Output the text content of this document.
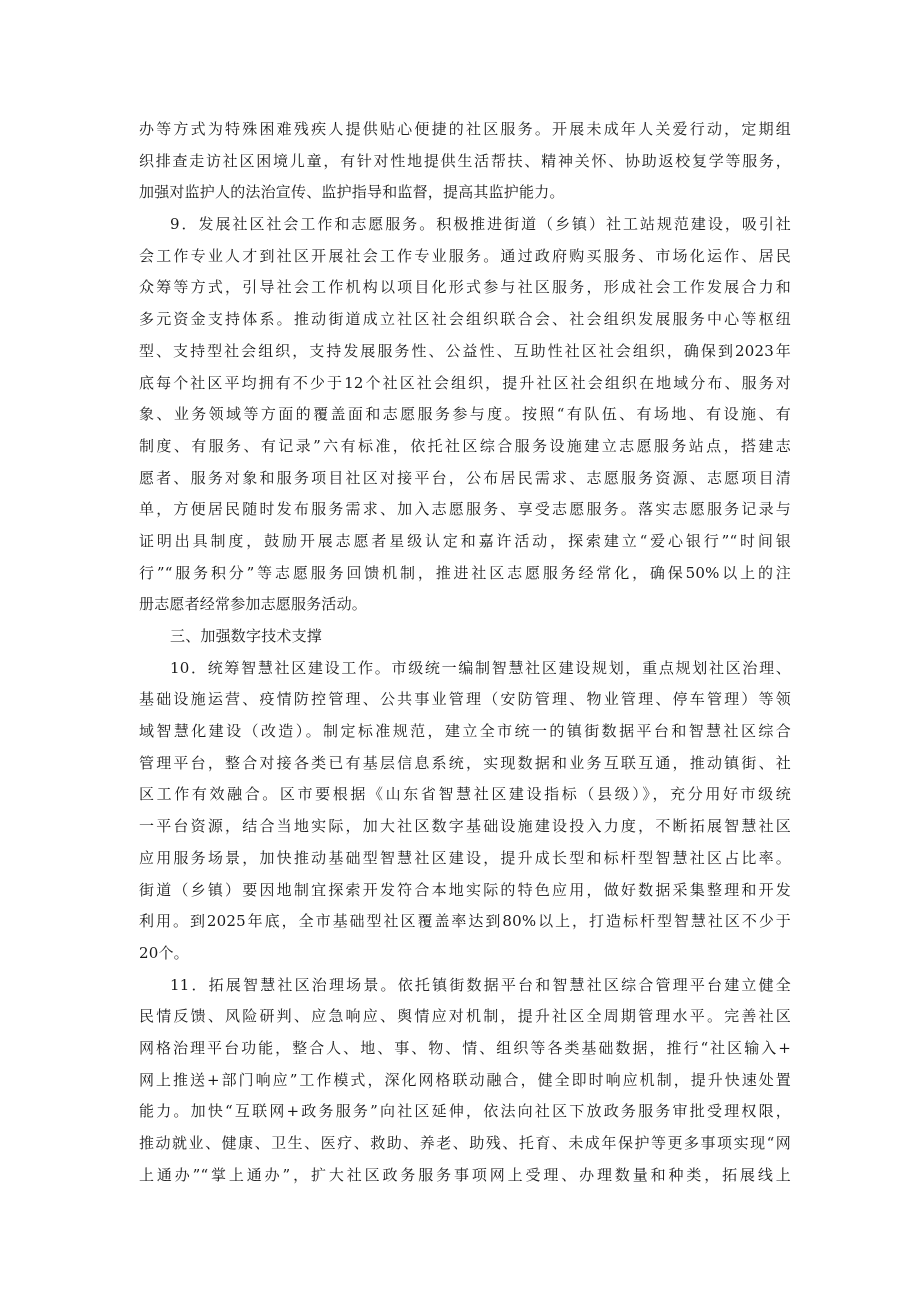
办等方式为特殊困难残疾人提供贴心便捷的社区服务。开展未成年人关爱行动，定期组
织排查走访社区困境儿童，有针对性地提供生活帮扶、精神关怀、协助返校复学等服务，
加强对监护人的法治宣传、监护指导和监督，提高其监护能力。
9．发展社区社会工作和志愿服务。积极推进街道（乡镇）社工站规范建设，吸引社
会工作专业人才到社区开展社会工作专业服务。通过政府购买服务、市场化运作、居民
众筹等方式，引导社会工作机构以项目化形式参与社区服务，形成社会工作发展合力和
多元资金支持体系。推动街道成立社区社会组织联合会、社会组织发展服务中心等枢纽
型、支持型社会组织，支持发展服务性、公益性、互助性社区社会组织，确保到2023年
底每个社区平均拥有不少于12个社区社会组织，提升社区社会组织在地域分布、服务对
象、业务领域等方面的覆盖面和志愿服务参与度。按照“有队伍、有场地、有设施、有
制度、有服务、有记录”六有标准，依托社区综合服务设施建立志愿服务站点，搭建志
愿者、服务对象和服务项目社区对接平台，公布居民需求、志愿服务资源、志愿项目清
单，方便居民随时发布服务需求、加入志愿服务、享受志愿服务。落实志愿服务记录与
证明出具制度，鼓励开展志愿者星级认定和嘉许活动，探索建立“爱心银行”“时间银
行”“服务积分”等志愿服务回馈机制，推进社区志愿服务经常化，确保50%以上的注
册志愿者经常参加志愿服务活动。
三、加强数字技术支撑
10．统筹智慧社区建设工作。市级统一编制智慧社区建设规划，重点规划社区治理、
基础设施运营、疫情防控管理、公共事业管理（安防管理、物业管理、停车管理）等领
域智慧化建设（改造）。制定标准规范，建立全市统一的镇街数据平台和智慧社区综合
管理平台，整合对接各类已有基层信息系统，实现数据和业务互联互通，推动镇街、社
区工作有效融合。区市要根据《山东省智慧社区建设指标（县级）》，充分用好市级统
一平台资源，结合当地实际，加大社区数字基础设施建设投入力度，不断拓展智慧社区
应用服务场景，加快推动基础型智慧社区建设，提升成长型和标杆型智慧社区占比率。
街道（乡镇）要因地制宜探索开发符合本地实际的特色应用，做好数据采集整理和开发
利用。到2025年底，全市基础型社区覆盖率达到80%以上，打造标杆型智慧社区不少于
20个。
11．拓展智慧社区治理场景。依托镇街数据平台和智慧社区综合管理平台建立健全
民情反馈、风险研判、应急响应、舆情应对机制，提升社区全周期管理水平。完善社区
网格治理平台功能，整合人、地、事、物、情、组织等各类基础数据，推行“社区输入+
网上推送+部门响应”工作模式，深化网格联动融合，健全即时响应机制，提升快速处置
能力。加快“互联网+政务服务”向社区延伸，依法向社区下放政务服务审批受理权限，
推动就业、健康、卫生、医疗、救助、养老、助残、托育、未成年保护等更多事项实现“网
上通办”“掌上通办”，扩大社区政务服务事项网上受理、办理数量和种类，拓展线上
